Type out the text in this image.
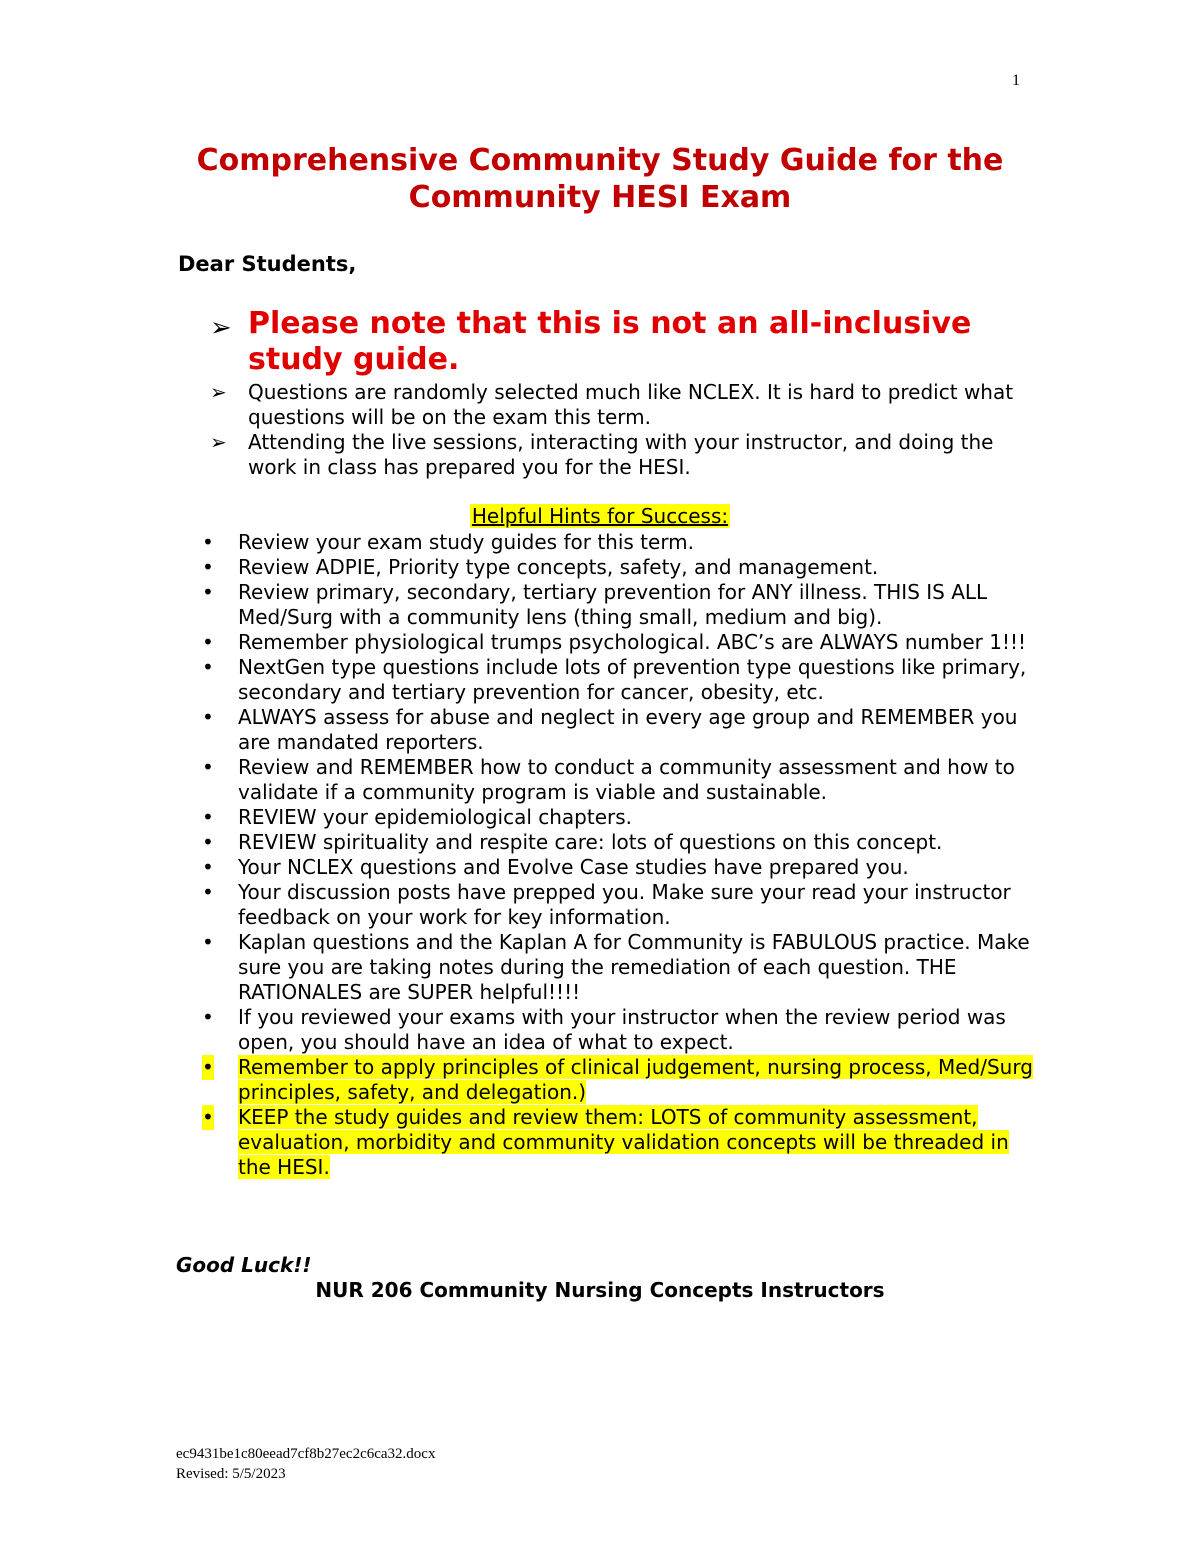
1
Comprehensive Community Study Guide for the
Community HESI Exam

Dear Students,

➢ Please note that this is not an all-inclusive study guide.
➢ Questions are randomly selected much like NCLEX. It is hard to predict what questions will be on the exam this term.
➢ Attending the live sessions, interacting with your instructor, and doing the work in class has prepared you for the HESI.
Helpful Hints for Success:
• Review your exam study guides for this term.
• Review ADPIE, Priority type concepts, safety, and management.
• Review primary, secondary, tertiary prevention for ANY illness. THIS IS ALL Med/Surg with a community lens (thing small, medium and big).
• Remember physiological trumps psychological. ABC’s are ALWAYS number 1!!!
• NextGen type questions include lots of prevention type questions like primary, secondary and tertiary prevention for cancer, obesity, etc.
• ALWAYS assess for abuse and neglect in every age group and REMEMBER you are mandated reporters.
• Review and REMEMBER how to conduct a community assessment and how to validate if a community program is viable and sustainable.
• REVIEW your epidemiological chapters.
• REVIEW spirituality and respite care: lots of questions on this concept.
• Your NCLEX questions and Evolve Case studies have prepared you.
• Your discussion posts have prepped you. Make sure your read your instructor feedback on your work for key information.
• Kaplan questions and the Kaplan A for Community is FABULOUS practice. Make sure you are taking notes during the remediation of each question. THE RATIONALES are SUPER helpful!!!!
• If you reviewed your exams with your instructor when the review period was open, you should have an idea of what to expect.
• Remember to apply principles of clinical judgement, nursing process, Med/Surg principles, safety, and delegation.)
• KEEP the study guides and review them: LOTS of community assessment, evaluation, morbidity and community validation concepts will be threaded in the HESI.
Good Luck!!
NUR 206 Community Nursing Concepts Instructors
ec9431be1c80eead7cf8b27ec2c6ca32.docx
Revised: 5/5/2023
